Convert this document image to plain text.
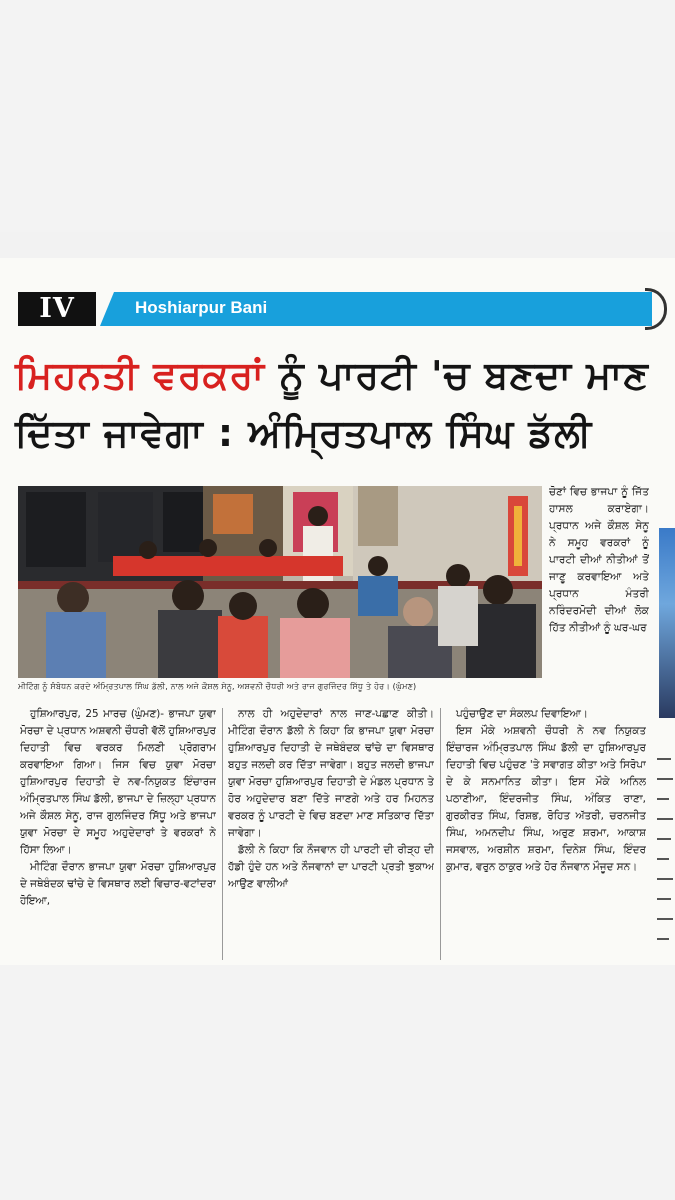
IV	Hoshiarpur Bani
ਮਿਹਨਤੀ ਵਰਕਰਾਂ ਨੂੰ ਪਾਰਟੀ 'ਚ ਬਣਦਾ ਮਾਣ
ਦਿੱਤਾ ਜਾਵੇਗਾ : ਅੰਮ੍ਰਿਤਪਾਲ ਸਿੰਘ ਡੱਲੀ
ਮੀਟਿੰਗ ਨੂੰ ਸੰਬੋਧਨ ਕਰਦੇ ਅੰਮ੍ਰਿਤਪਾਲ ਸਿੰਘ ਡੱਲੀ, ਨਾਲ ਅਜੇ ਕੌਸ਼ਲ ਸੇਨੂ, ਅਸ਼ਵਨੀ ਚੌਧਰੀ ਅਤੇ ਰਾਜ ਗੁਰਜਿੰਦਰ ਸਿੱਧੂ ਤੇ ਹੋਰ। (ਘੁੰਮਣ)
ਚੋਣਾਂ ਵਿਚ ਭਾਜਪਾ ਨੂੰ ਜਿੱਤ ਹਾਸਲ ਕਰਾਏਗਾ। ਪ੍ਰਧਾਨ ਅਜੇ ਕੌਸ਼ਲ ਸੇਨੂ ਨੇ ਸਮੂਹ ਵਰਕਰਾਂ ਨੂੰ ਪਾਰਟੀ ਦੀਆਂ ਨੀਤੀਆਂ ਤੋਂ ਜਾਣੂ ਕਰਵਾਇਆ ਅਤੇ ਪ੍ਰਧਾਨ ਮੰਤਰੀ ਨਰਿੰਦਰਮੋਦੀ ਦੀਆਂ ਲੋਕ ਹਿੱਤ ਨੀਤੀਆਂ ਨੂੰ ਘਰ-ਘਰ

ਹੁਸ਼ਿਆਰਪੁਰ, 25 ਮਾਰਚ (ਘੁੰਮਣ)- ਭਾਜਪਾ ਯੁਵਾ ਮੋਰਚਾ ਦੇ ਪ੍ਰਧਾਨ ਅਸ਼ਵਨੀ ਚੌਧਰੀ ਵੱਲੋਂ ਹੁਸ਼ਿਆਰਪੁਰ ਦਿਹਾਤੀ ਵਿਚ ਵਰਕਰ ਮਿਲਣੀ ਪ੍ਰੋਗਰਾਮ ਕਰਵਾਇਆ ਗਿਆ। ਜਿਸ ਵਿਚ ਯੁਵਾ ਮੋਰਚਾ ਹੁਸ਼ਿਆਰਪੁਰ ਦਿਹਾਤੀ ਦੇ ਨਵ-ਨਿਯੁਕਤ ਇੰਚਾਰਜ ਅੰਮ੍ਰਿਤਪਾਲ ਸਿੰਘ ਡੱਲੀ, ਭਾਜਪਾ ਦੇ ਜ਼ਿਲ੍ਹਾ ਪ੍ਰਧਾਨ ਅਜੇ ਕੌਸ਼ਲ ਸੇਨੂ, ਰਾਜ ਗੁਲਜਿੰਦਰ ਸਿੱਧੂ ਅਤੇ ਭਾਜਪਾ ਯੁਵਾ ਮੋਰਚਾ ਦੇ ਸਮੂਹ ਅਹੁਦੇਦਾਰਾਂ ਤੇ ਵਰਕਰਾਂ ਨੇ ਹਿੱਸਾ ਲਿਆ।

ਮੀਟਿੰਗ ਦੌਰਾਨ ਭਾਜਪਾ ਯੁਵਾ ਮੋਰਚਾ ਹੁਸ਼ਿਆਰਪੁਰ ਦੇ ਜਥੇਬੰਦਕ ਢਾਂਚੇ ਦੇ ਵਿਸਥਾਰ ਲਈ ਵਿਚਾਰ-ਵਟਾਂਦਰਾ ਹੋਇਆ,

ਨਾਲ ਹੀ ਅਹੁਦੇਦਾਰਾਂ ਨਾਲ ਜਾਣ-ਪਛਾਣ ਕੀਤੀ। ਮੀਟਿੰਗ ਦੌਰਾਨ ਡੱਲੀ ਨੇ ਕਿਹਾ ਕਿ ਭਾਜਪਾ ਯੁਵਾ ਮੋਰਚਾ ਹੁਸ਼ਿਆਰਪੁਰ ਦਿਹਾਤੀ ਦੇ ਜਥੇਬੰਦਕ ਢਾਂਚੇ ਦਾ ਵਿਸਥਾਰ ਬਹੁਤ ਜਲਦੀ ਕਰ ਦਿੱਤਾ ਜਾਵੇਗਾ। ਬਹੁਤ ਜਲਦੀ ਭਾਜਪਾ ਯੁਵਾ ਮੋਰਚਾ ਹੁਸ਼ਿਆਰਪੁਰ ਦਿਹਾਤੀ ਦੇ ਮੰਡਲ ਪ੍ਰਧਾਨ ਤੇ ਹੋਰ ਅਹੁਦੇਦਾਰ ਬਣਾ ਦਿੱਤੇ ਜਾਣਗੇ ਅਤੇ ਹਰ ਮਿਹਨਤ ਵਰਕਰ ਨੂੰ ਪਾਰਟੀ ਦੇ ਵਿਚ ਬਣਦਾ ਮਾਣ ਸਤਿਕਾਰ ਦਿੱਤਾ ਜਾਵੇਗਾ।

ਡੱਲੀ ਨੇ ਕਿਹਾ ਕਿ ਨੌਜਵਾਨ ਹੀ ਪਾਰਟੀ ਦੀ ਰੀੜ੍ਹ ਦੀ ਹੱਡੀ ਹੁੰਦੇ ਹਨ ਅਤੇ ਨੌਜਵਾਨਾਂ ਦਾ ਪਾਰਟੀ ਪ੍ਰਤੀ ਝੁਕਾਅ ਆਉਣ ਵਾਲੀਆਂ

ਪਹੁੰਚਾਉਣ ਦਾ ਸੰਕਲਪ ਦਿਵਾਇਆ।

ਇਸ ਮੌਕੇ ਅਸ਼ਵਨੀ ਚੌਧਰੀ ਨੇ ਨਵ ਨਿਯੁਕਤ ਇੰਚਾਰਜ ਅੰਮ੍ਰਿਤਪਾਲ ਸਿੰਘ ਡੱਲੀ ਦਾ ਹੁਸ਼ਿਆਰਪੁਰ ਦਿਹਾਤੀ ਵਿਚ ਪਹੁੰਚਣ 'ਤੇ ਸਵਾਗਤ ਕੀਤਾ ਅਤੇ ਸਿਰੋਪਾ ਦੇ ਕੇ ਸਨਮਾਨਿਤ ਕੀਤਾ। ਇਸ ਮੌਕੇ ਅਨਿਲ ਪਠਾਣੀਆ, ਇੰਦਰਜੀਤ ਸਿੰਘ, ਅੰਕਿਤ ਰਾਣਾ, ਗੁਰਕੀਰਤ ਸਿੰਘ, ਰਿਸ਼ਭ, ਰੋਹਿਤ ਅੱਤਰੀ, ਚਰਨਜੀਤ ਸਿੰਘ, ਅਮਨਦੀਪ ਸਿੰਘ, ਅਰੁਣ ਸ਼ਰਮਾ, ਆਕਾਸ਼ ਜਸਵਾਲ, ਅਰਸ਼ੀਨ ਸ਼ਰਮਾ, ਦਿਨੇਸ਼ ਸਿੰਘ, ਇੰਦਰ ਕੁਮਾਰ, ਵਰੁਨ ਠਾਕੁਰ ਅਤੇ ਹੋਰ ਨੌਜਵਾਨ ਮੌਜੂਦ ਸਨ।
